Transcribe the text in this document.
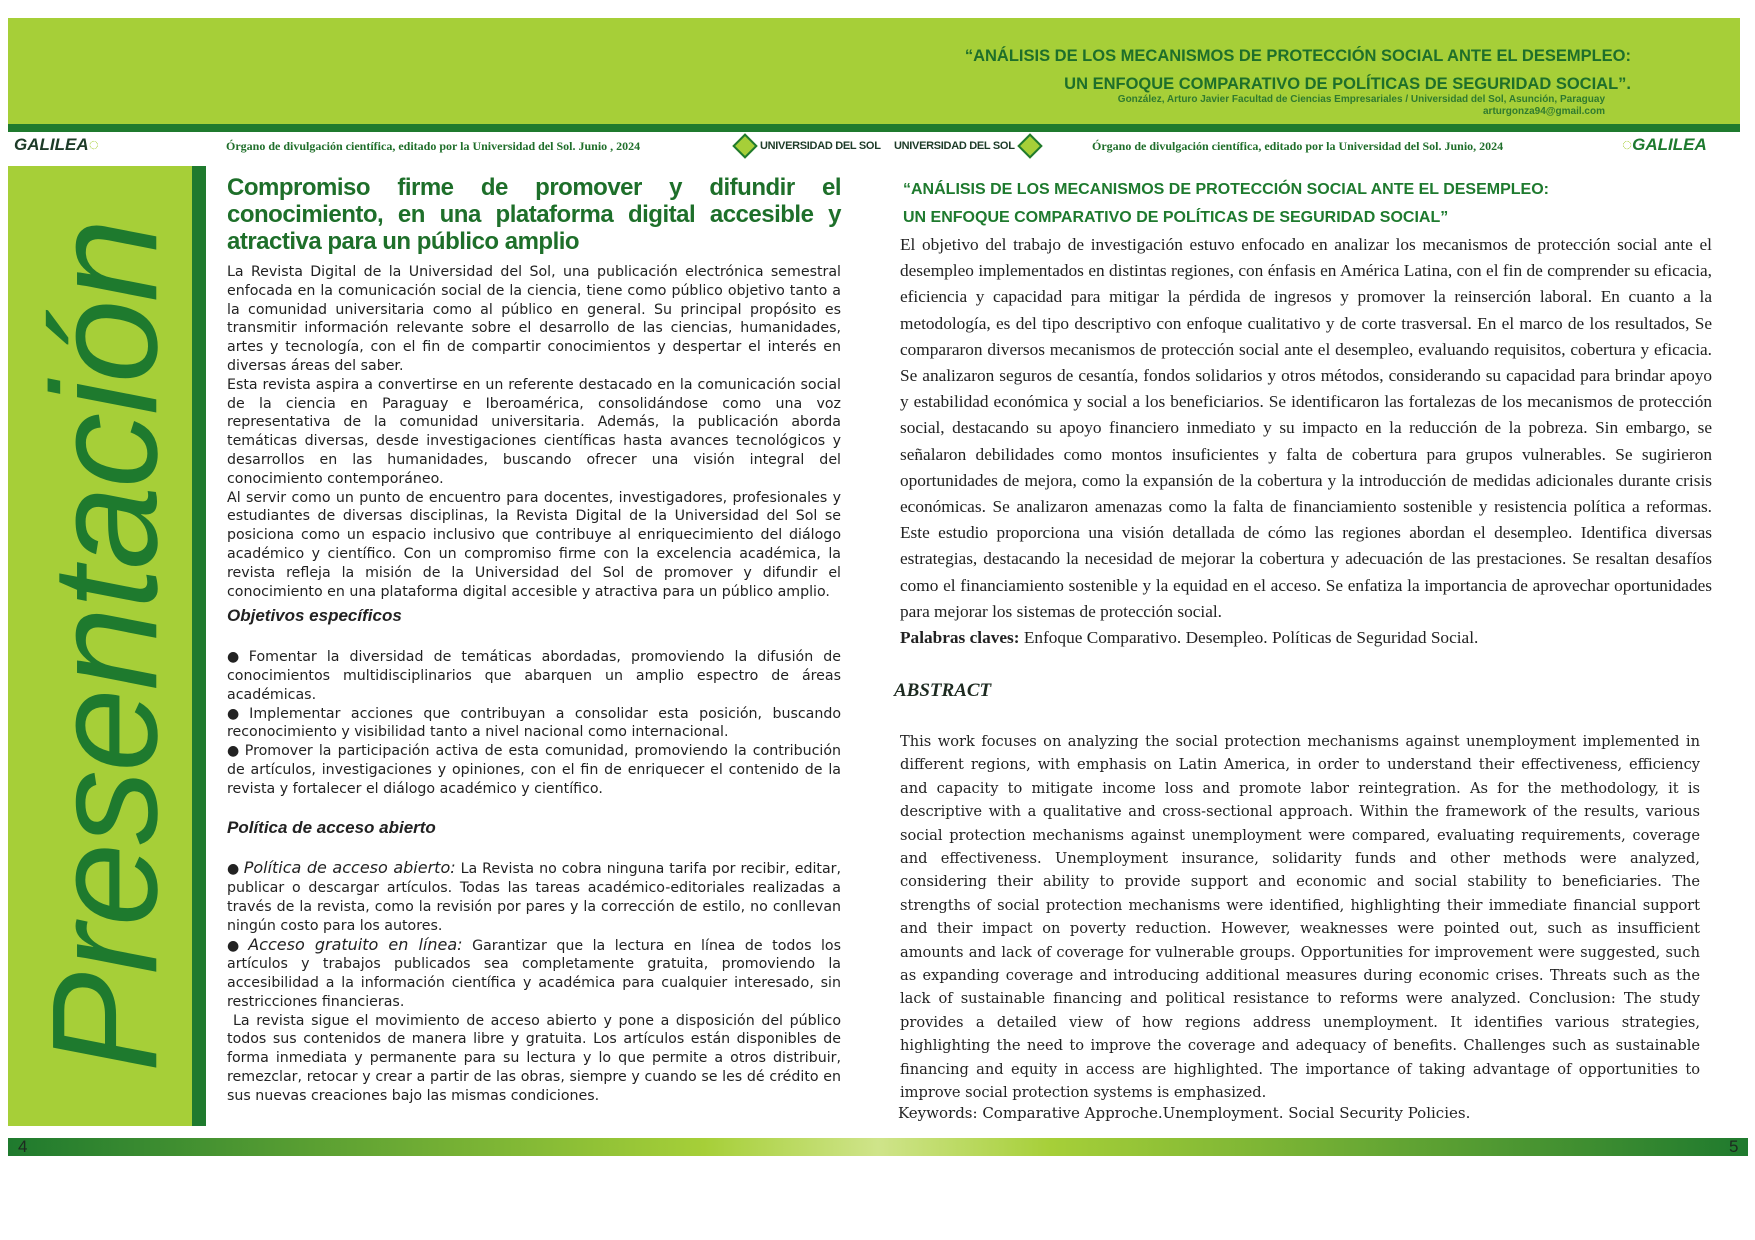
“ANÁLISIS DE LOS MECANISMOS DE PROTECCIÓN SOCIAL ANTE EL DESEMPLEO:
UN ENFOQUE COMPARATIVO DE POLÍTICAS DE SEGURIDAD SOCIAL”.
González, Arturo Javier Facultad de Ciencias Empresariales / Universidad del Sol, Asunción, Paraguay
arturgonza94@gmail.com
GALILEA◌	Órgano de divulgación científica, editado por la Universidad del Sol. Junio , 2024	UNIVERSIDAD DEL SOL UNIVERSIDAD DEL SOL	Órgano de divulgación científica, editado por la Universidad del Sol. Junio, 2024	◌GALILEA
Presentación
Compromiso firme de promover y difundir el conocimiento, en una plataforma digital accesible y atractiva para un público amplio

La Revista Digital de la Universidad del Sol, una publicación electrónica semestral enfocada en la comunicación social de la ciencia, tiene como público objetivo tanto a la comunidad universitaria como al público en general. Su principal propósito es transmitir información relevante sobre el desarrollo de las ciencias, humanidades, artes y tecnología, con el fin de compartir conocimientos y despertar el interés en diversas áreas del saber.

Esta revista aspira a convertirse en un referente destacado en la comunicación social de la ciencia en Paraguay e Iberoamérica, consolidándose como una voz representativa de la comunidad universitaria. Además, la publicación aborda temáticas diversas, desde investigaciones científicas hasta avances tecnológicos y desarrollos en las humanidades, buscando ofrecer una visión integral del conocimiento contemporáneo.

Al servir como un punto de encuentro para docentes, investigadores, profesionales y estudiantes de diversas disciplinas, la Revista Digital de la Universidad del Sol se posiciona como un espacio inclusivo que contribuye al enriquecimiento del diálogo académico y científico. Con un compromiso firme con la excelencia académica, la revista refleja la misión de la Universidad del Sol de promover y difundir el conocimiento en una plataforma digital accesible y atractiva para un público amplio.

Objetivos específicos

● Fomentar la diversidad de temáticas abordadas, promoviendo la difusión de conocimientos multidisciplinarios que abarquen un amplio espectro de áreas académicas.

● Implementar acciones que contribuyan a consolidar esta posición, buscando reconocimiento y visibilidad tanto a nivel nacional como internacional.

● Promover la participación activa de esta comunidad, promoviendo la contribución de artículos, investigaciones y opiniones, con el fin de enriquecer el contenido de la revista y fortalecer el diálogo académico y científico.

Política de acceso abierto

● Política de acceso abierto: La Revista no cobra ninguna tarifa por recibir, editar, publicar o descargar artículos. Todas las tareas académico-editoriales realizadas a través de la revista, como la revisión por pares y la corrección de estilo, no conllevan ningún costo para los autores.

● Acceso gratuito en línea: Garantizar que la lectura en línea de todos los artículos y trabajos publicados sea completamente gratuita, promoviendo la accesibilidad a la información científica y académica para cualquier interesado, sin restricciones financieras.

La revista sigue el movimiento de acceso abierto y pone a disposición del público todos sus contenidos de manera libre y gratuita. Los artículos están disponibles de forma inmediata y permanente para su lectura y lo que permite a otros distribuir, remezclar, retocar y crear a partir de las obras, siempre y cuando se les dé crédito en sus nuevas creaciones bajo las mismas condiciones.

“ANÁLISIS DE LOS MECANISMOS DE PROTECCIÓN SOCIAL ANTE EL DESEMPLEO:
UN ENFOQUE COMPARATIVO DE POLÍTICAS DE SEGURIDAD SOCIAL”

El objetivo del trabajo de investigación estuvo enfocado en analizar los mecanismos de protección social ante el desempleo implementados en distintas regiones, con énfasis en América Latina, con el fin de comprender su eficacia, eficiencia y capacidad para mitigar la pérdida de ingresos y promover la reinserción laboral. En cuanto a la metodología, es del tipo descriptivo con enfoque cualitativo y de corte trasversal. En el marco de los resultados, Se compararon diversos mecanismos de protección social ante el desempleo, evaluando requisitos, cobertura y eficacia. Se analizaron seguros de cesantía, fondos solidarios y otros métodos, considerando su capacidad para brindar apoyo y estabilidad económica y social a los beneficiarios. Se identificaron las fortalezas de los mecanismos de protección social, destacando su apoyo financiero inmediato y su impacto en la reducción de la pobreza. Sin embargo, se señalaron debilidades como montos insuficientes y falta de cobertura para grupos vulnerables. Se sugirieron oportunidades de mejora, como la expansión de la cobertura y la introducción de medidas adicionales durante crisis económicas. Se analizaron amenazas como la falta de financiamiento sostenible y resistencia política a reformas. Este estudio proporciona una visión detallada de cómo las regiones abordan el desempleo. Identifica diversas estrategias, destacando la necesidad de mejorar la cobertura y adecuación de las prestaciones. Se resaltan desafíos como el financiamiento sostenible y la equidad en el acceso. Se enfatiza la importancia de aprovechar oportunidades para mejorar los sistemas de protección social.

Palabras claves: Enfoque Comparativo. Desempleo. Políticas de Seguridad Social.

ABSTRACT
This work focuses on analyzing the social protection mechanisms against unemployment implemented in different regions, with emphasis on Latin America, in order to understand their effectiveness, efficiency and capacity to mitigate income loss and promote labor reintegration. As for the methodology, it is descriptive with a qualitative and cross-sectional approach. Within the framework of the results, various social protection mechanisms against unemployment were compared, evaluating requirements, coverage and effectiveness. Unemployment insurance, solidarity funds and other methods were analyzed, considering their ability to provide support and economic and social stability to beneficiaries. The strengths of social protection mechanisms were identified, highlighting their immediate financial support and their impact on poverty reduction. However, weaknesses were pointed out, such as insufficient amounts and lack of coverage for vulnerable groups. Opportunities for improvement were suggested, such as expanding coverage and introducing additional measures during economic crises. Threats such as the lack of sustainable financing and political resistance to reforms were analyzed. Conclusion: The study provides a detailed view of how regions address unemployment. It identifies various strategies, highlighting the need to improve the coverage and adequacy of benefits. Challenges such as sustainable financing and equity in access are highlighted. The importance of taking advantage of opportunities to improve social protection systems is emphasized.
Keywords: Comparative Approche.Unemployment. Social Security Policies.
4	5
